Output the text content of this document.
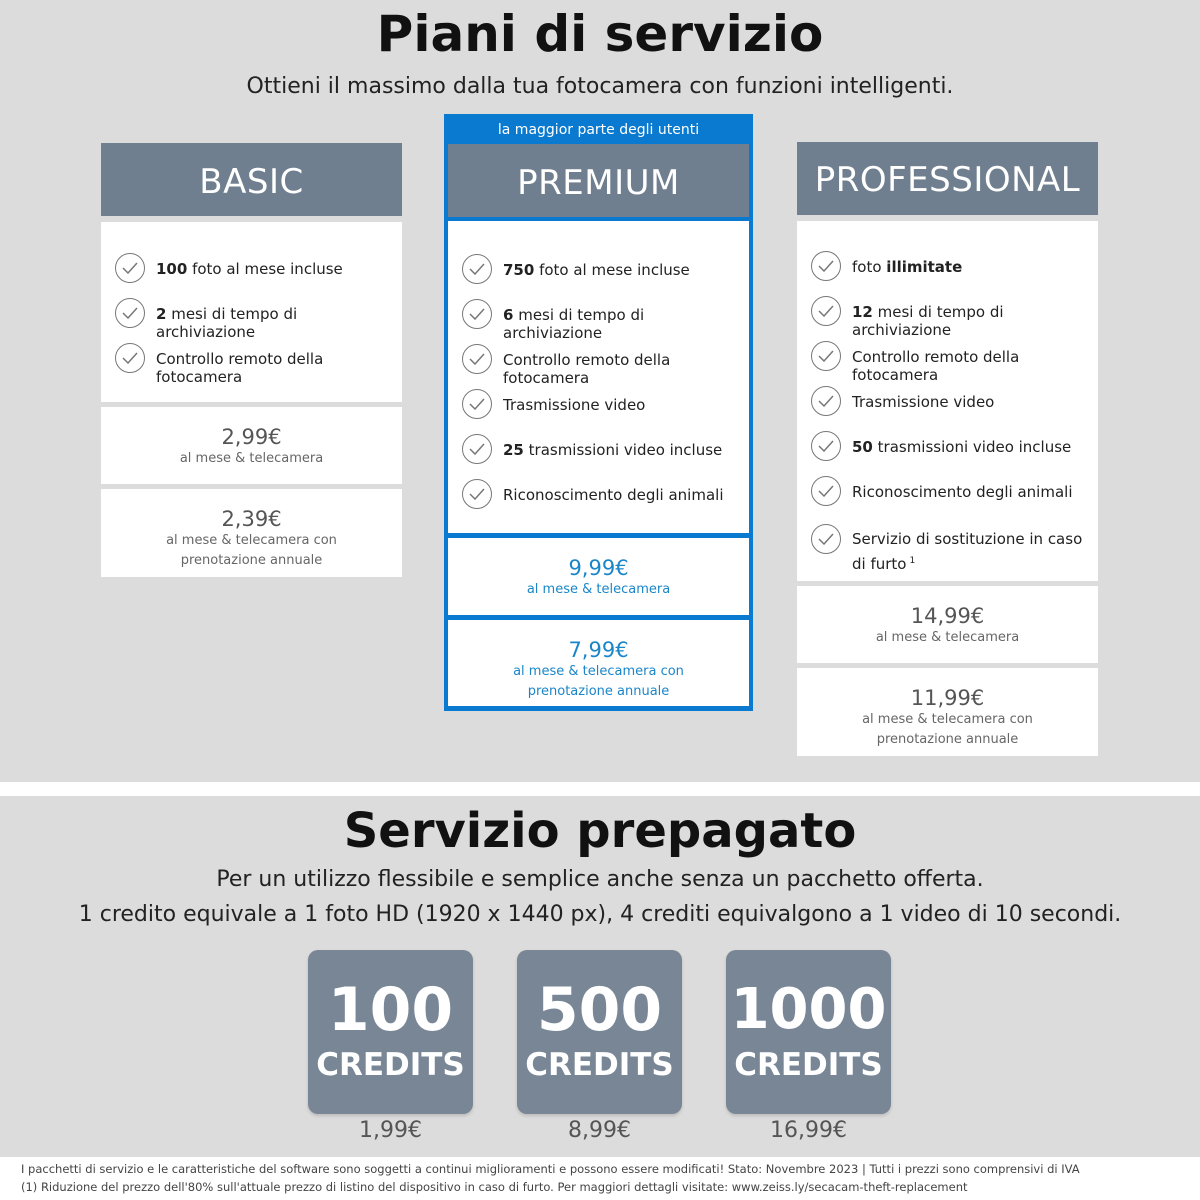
Piani di servizio
Ottieni il massimo dalla tua fotocamera con funzioni intelligenti.
BASIC
100 foto al mese incluse
2 mesi di tempo di archiviazione
Controllo remoto della fotocamera
2,99€
al mese & telecamera
2,39€
al mese & telecamera con
prenotazione annuale
la maggior parte degli utenti
PREMIUM
750 foto al mese incluse
6 mesi di tempo di archiviazione
Controllo remoto della fotocamera
Trasmissione video
25 trasmissioni video incluse
Riconoscimento degli animali
9,99€
al mese & telecamera
7,99€
al mese & telecamera con
prenotazione annuale
PROFESSIONAL
foto illimitate
12 mesi di tempo di archiviazione
Controllo remoto della fotocamera
Trasmissione video
50 trasmissioni video incluse
Riconoscimento degli animali
Servizio di sostituzione in caso
di furto $^1$
14,99€
al mese & telecamera
11,99€
al mese & telecamera con
prenotazione annuale
Servizio prepagato
Per un utilizzo flessibile e semplice anche senza un pacchetto offerta.
1 credito equivale a 1 foto HD (1920 x 1440 px), 4 crediti equivalgono a 1 video di 10 secondi.
100
CREDITS
1,99€
500
CREDITS
8,99€
1000
CREDITS
16,99€
I pacchetti di servizio e le caratteristiche del software sono soggetti a continui miglioramenti e possono essere modificati! Stato: Novembre 2023 | Tutti i prezzi sono comprensivi di IVA
(1) Riduzione del prezzo dell'80% sull'attuale prezzo di listino del dispositivo in caso di furto. Per maggiori dettagli visitate: www.zeiss.ly/secacam-theft-replacement
